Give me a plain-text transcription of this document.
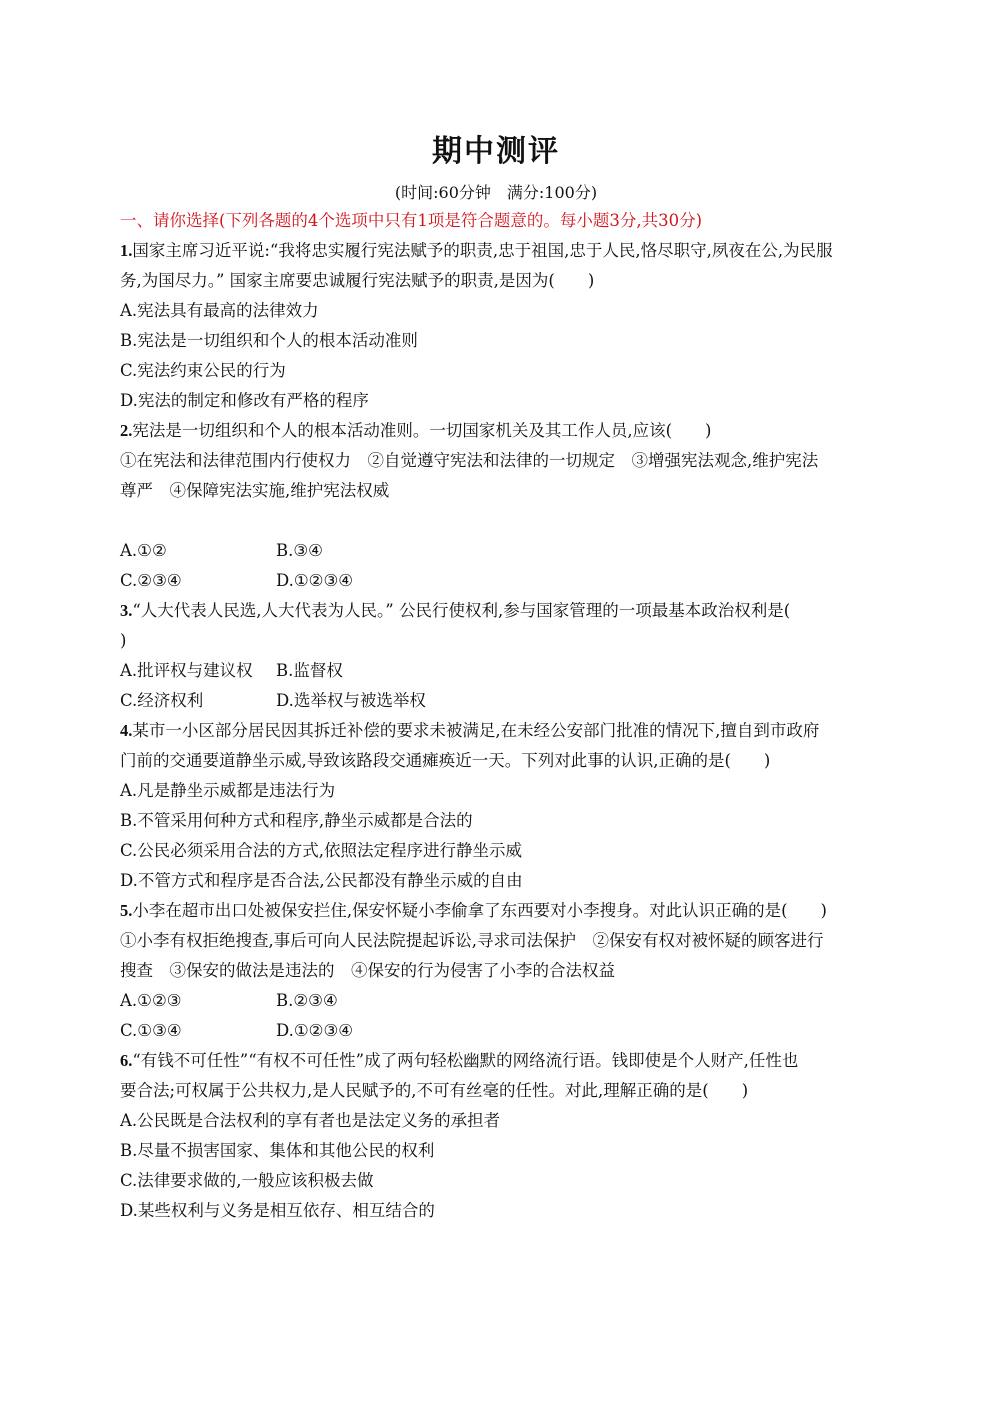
期中测评
(时间:60分钟　满分:100分)
一、请你选择(下列各题的4个选项中只有1项是符合题意的。每小题3分,共30分)
1.国家主席习近平说:“我将忠实履行宪法赋予的职责,忠于祖国,忠于人民,恪尽职守,夙夜在公,为民服
务,为国尽力。” 国家主席要忠诚履行宪法赋予的职责,是因为(　　)
A.宪法具有最高的法律效力
B.宪法是一切组织和个人的根本活动准则
C.宪法约束公民的行为
D.宪法的制定和修改有严格的程序
2.宪法是一切组织和个人的根本活动准则。一切国家机关及其工作人员,应该(　　)
①在宪法和法律范围内行使权力　②自觉遵守宪法和法律的一切规定　③增强宪法观念,维护宪法
尊严　④保障宪法实施,维护宪法权威
A.①②	B.③④
C.②③④	D.①②③④
3.“人大代表人民选,人大代表为人民。” 公民行使权利,参与国家管理的一项最基本政治权利是(
)
A.批评权与建议权	B.监督权
C.经济权利	D.选举权与被选举权
4.某市一小区部分居民因其拆迁补偿的要求未被满足,在未经公安部门批准的情况下,擅自到市政府
门前的交通要道静坐示威,导致该路段交通瘫痪近一天。下列对此事的认识,正确的是(　　)
A.凡是静坐示威都是违法行为
B.不管采用何种方式和程序,静坐示威都是合法的
C.公民必须采用合法的方式,依照法定程序进行静坐示威
D.不管方式和程序是否合法,公民都没有静坐示威的自由
5.小李在超市出口处被保安拦住,保安怀疑小李偷拿了东西要对小李搜身。对此认识正确的是(　　)
①小李有权拒绝搜查,事后可向人民法院提起诉讼,寻求司法保护　②保安有权对被怀疑的顾客进行
搜查　③保安的做法是违法的　④保安的行为侵害了小李的合法权益
A.①②③	B.②③④
C.①③④	D.①②③④
6.“有钱不可任性”“有权不可任性”成了两句轻松幽默的网络流行语。钱即使是个人财产,任性也
要合法;可权属于公共权力,是人民赋予的,不可有丝毫的任性。对此,理解正确的是(　　)
A.公民既是合法权利的享有者也是法定义务的承担者
B.尽量不损害国家、集体和其他公民的权利
C.法律要求做的,一般应该积极去做
D.某些权利与义务是相互依存、相互结合的
